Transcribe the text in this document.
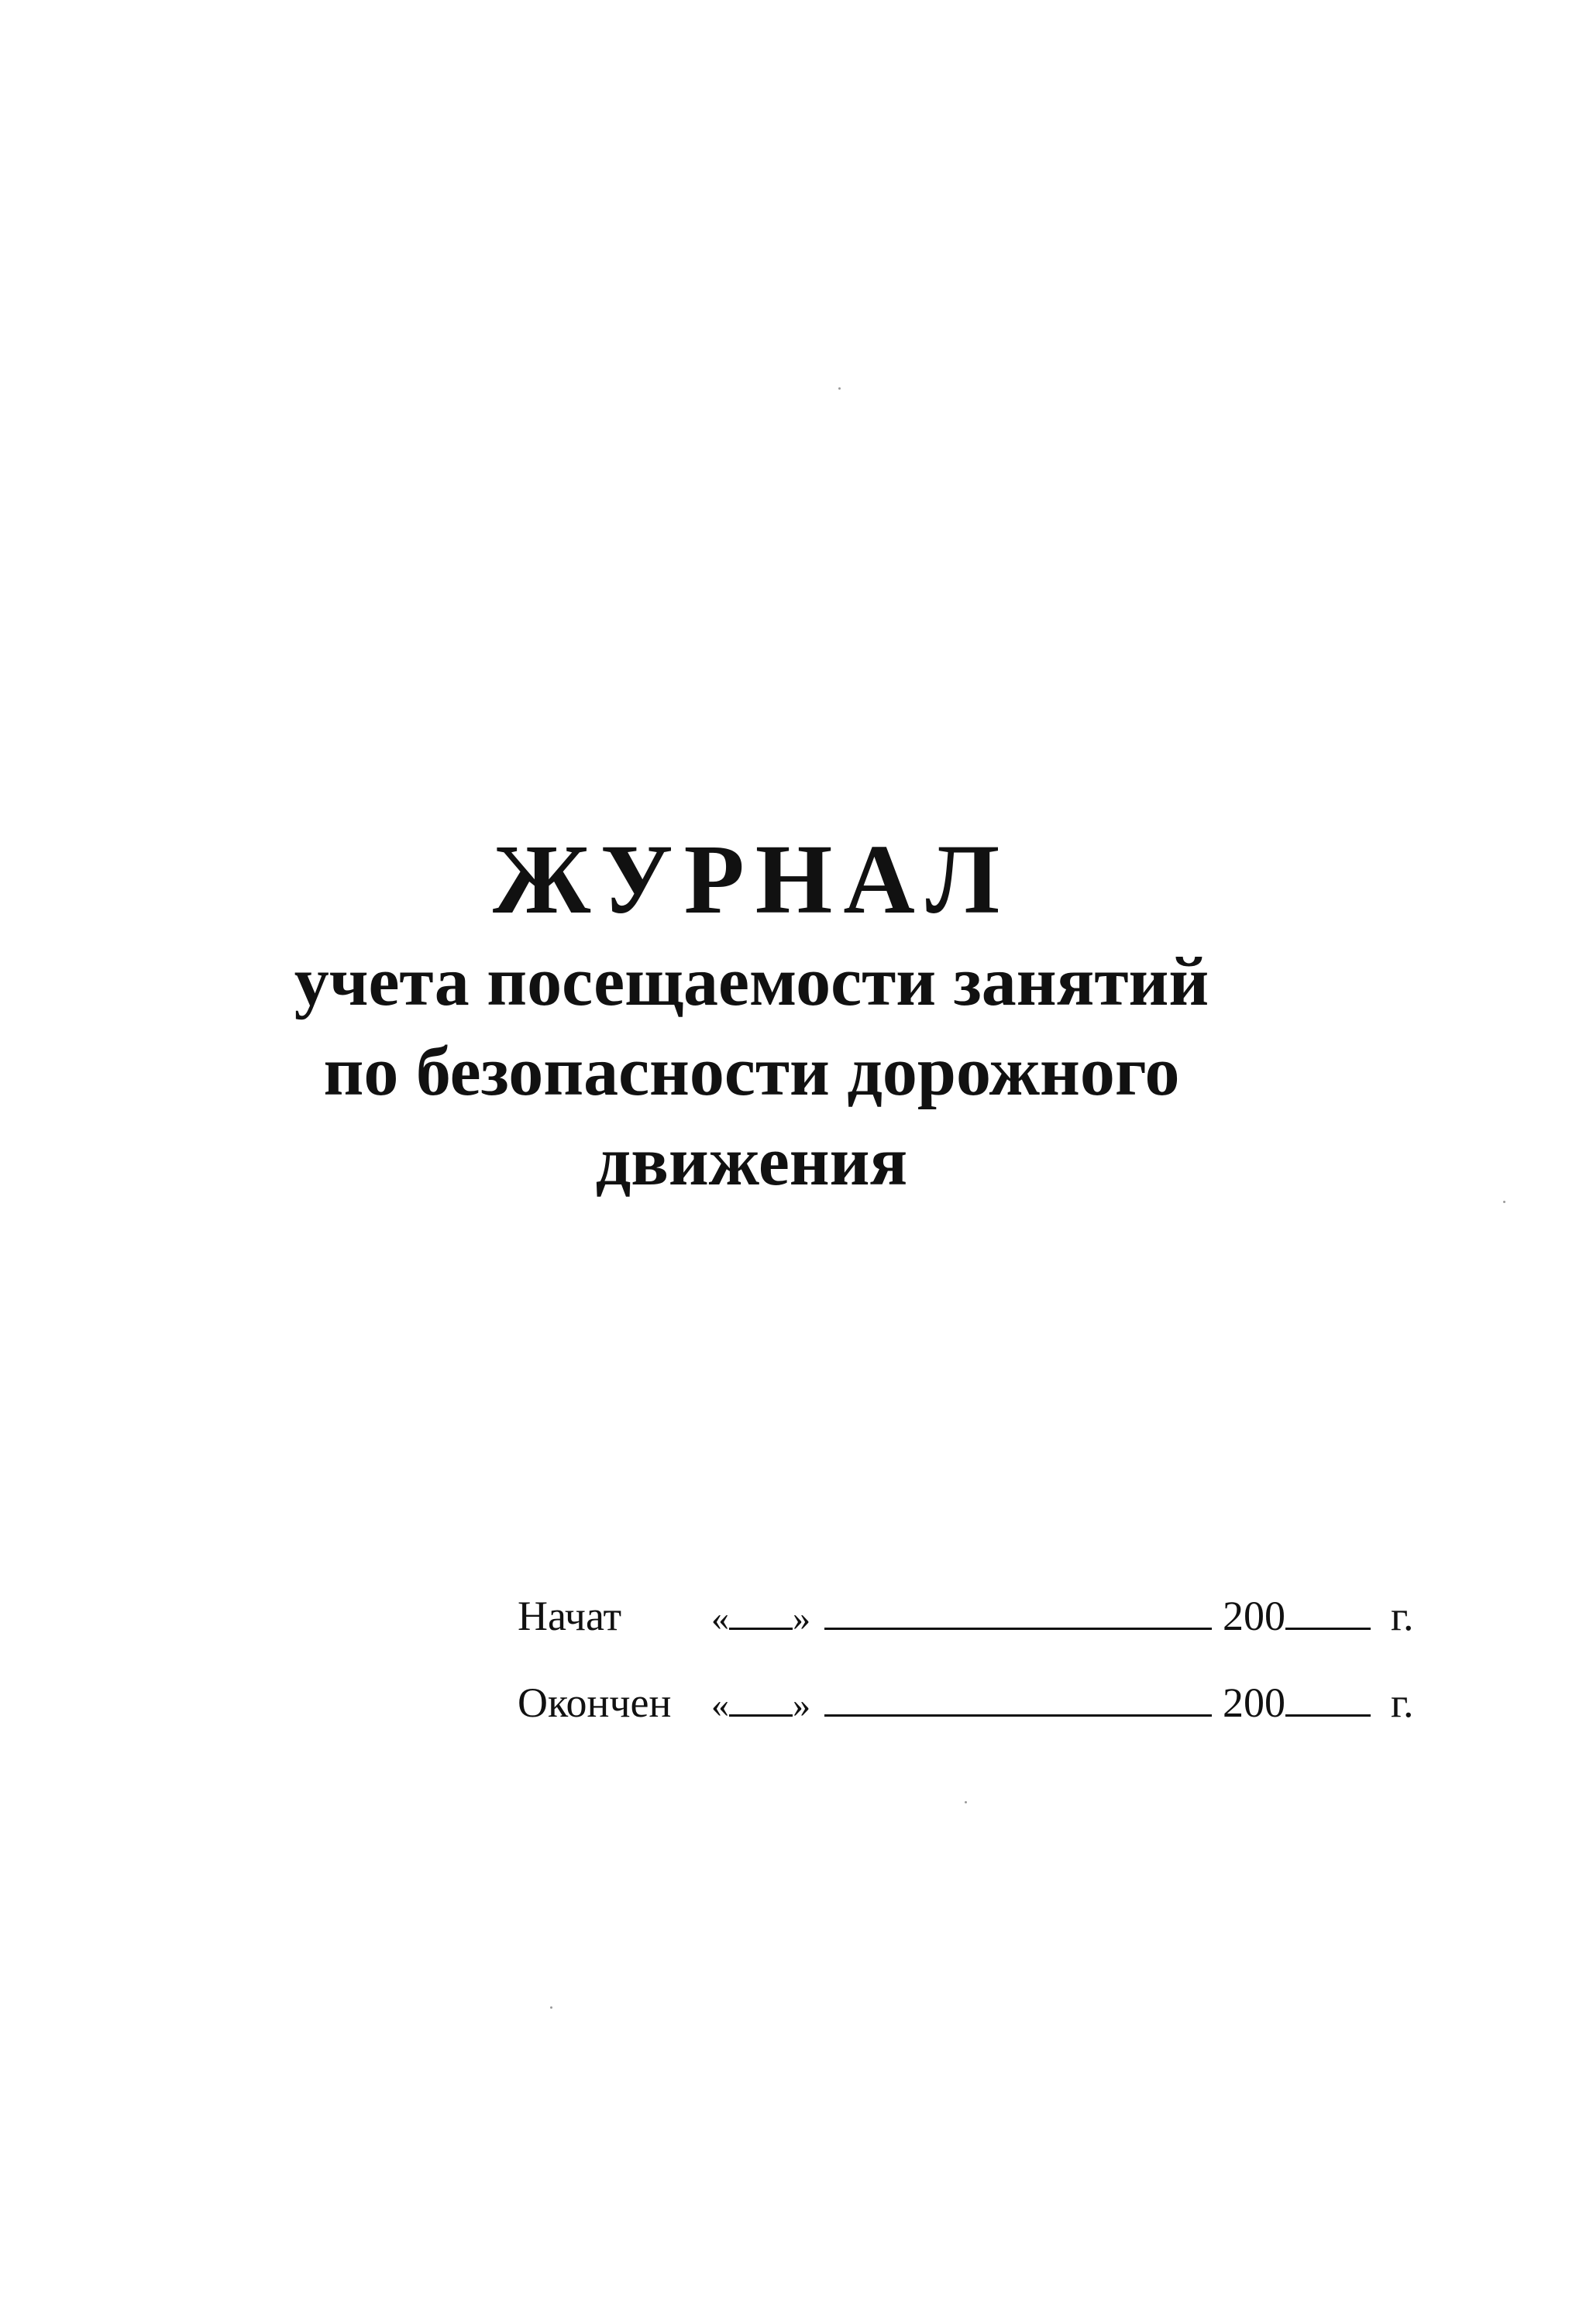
ЖУРНАЛ

учета посещаемости занятий

по безопасности дорожного

движения

Начат	« »	200	г.
Окончен	« »	200	г.
